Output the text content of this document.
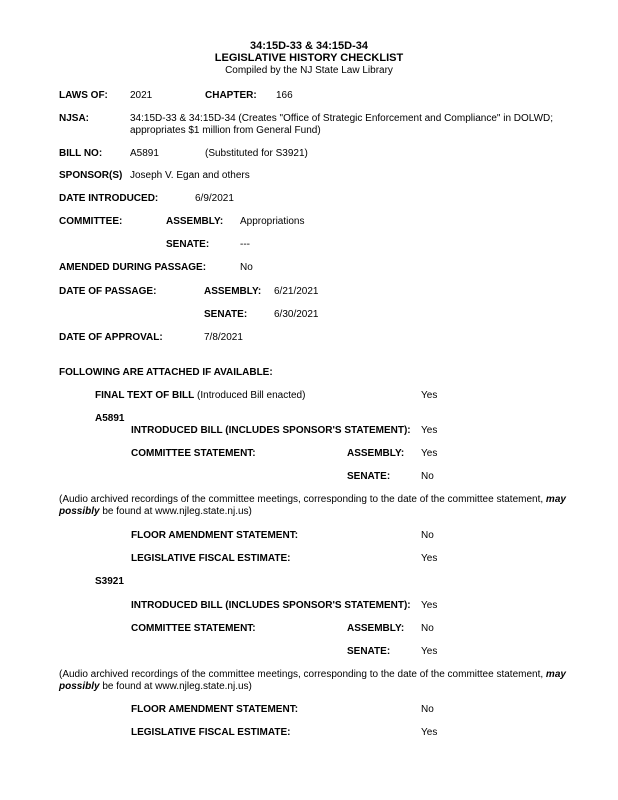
34:15D-33 & 34:15D-34
LEGISLATIVE HISTORY CHECKLIST
Compiled by the NJ State Law Library
LAWS OF: 2021	CHAPTER: 166
NJSA:	34:15D-33 & 34:15D-34 (Creates "Office of Strategic Enforcement and Compliance" in DOLWD;
appropriates $1 million from General Fund)
BILL NO:	A5891	(Substituted for S3921)
SPONSOR(S) Joseph V. Egan and others
DATE INTRODUCED:	6/9/2021
COMMITTEE:	ASSEMBLY: Appropriations
SENATE:	---
AMENDED DURING PASSAGE:	No
DATE OF PASSAGE:	ASSEMBLY: 6/21/2021
SENATE:	6/30/2021
DATE OF APPROVAL:	7/8/2021
FOLLOWING ARE ATTACHED IF AVAILABLE:
FINAL TEXT OF BILL (Introduced Bill enacted)	Yes
A5891
INTRODUCED BILL (INCLUDES SPONSOR'S STATEMENT): Yes
COMMITTEE STATEMENT:	ASSEMBLY: Yes
SENATE:	No
(Audio archived recordings of the committee meetings, corresponding to the date of the committee statement, may possibly be found at www.njleg.state.nj.us)
FLOOR AMENDMENT STATEMENT:	No
LEGISLATIVE FISCAL ESTIMATE:	Yes
S3921
INTRODUCED BILL (INCLUDES SPONSOR'S STATEMENT): Yes
COMMITTEE STATEMENT:	ASSEMBLY: No
SENATE:	Yes
(Audio archived recordings of the committee meetings, corresponding to the date of the committee statement, may possibly be found at www.njleg.state.nj.us)
FLOOR AMENDMENT STATEMENT:	No
LEGISLATIVE FISCAL ESTIMATE:	Yes
